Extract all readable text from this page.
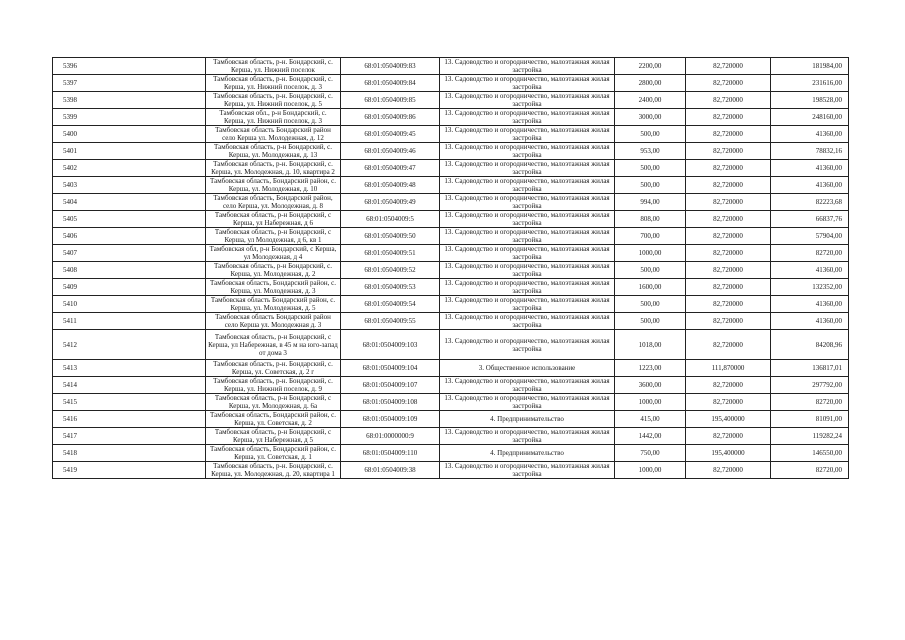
5396	Тамбовская область, р-н. Бондарский, с. Керша, ул. Нижний поселок	68:01:0504009:83	13. Садоводство и огородничество, малоэтажная жилая застройка	2200,00	82,720000	181984,00
5397	Тамбовская область, р-н. Бондарский, с. Керша, ул. Нижний поселок, д. 3	68:01:0504009:84	13. Садоводство и огородничество, малоэтажная жилая застройка	2800,00	82,720000	231616,00
5398	Тамбовская область, р-н. Бондарский, с. Керша, ул. Нижний поселок, д. 5	68:01:0504009:85	13. Садоводство и огородничество, малоэтажная жилая застройка	2400,00	82,720000	198528,00
5399	Тамбовская обл., р-н Бондарский, с. Керша, ул. Нижний поселок, д. 3	68:01:0504009:86	13. Садоводство и огородничество, малоэтажная жилая застройка	3000,00	82,720000	248160,00
5400	Тамбовская область Бондарский район село Керша ул. Молодежная, д. 12	68:01:0504009:45	13. Садоводство и огородничество, малоэтажная жилая застройка	500,00	82,720000	41360,00
5401	Тамбовская область, р-н Бондарский, с. Керша, ул. Молодежная, д. 13	68:01:0504009:46	13. Садоводство и огородничество, малоэтажная жилая застройка	953,00	82,720000	78832,16
5402	Тамбовская область, р-н. Бондарский, с. Керша, ул. Молодежная, д. 10, квартира 2	68:01:0504009:47	13. Садоводство и огородничество, малоэтажная жилая застройка	500,00	82,720000	41360,00
5403	Тамбовская область, Бондарский район, с. Керша, ул. Молодежная, д. 10	68:01:0504009:48	13. Садоводство и огородничество, малоэтажная жилая застройка	500,00	82,720000	41360,00
5404	Тамбовская область, Бондарский район, село Керша, ул. Молодежная, д. 8	68:01:0504009:49	13. Садоводство и огородничество, малоэтажная жилая застройка	994,00	82,720000	82223,68
5405	Тамбовская область, р-н Бондарский, с Керша, ул Набережная, д 6	68:01:0504009:5	13. Садоводство и огородничество, малоэтажная жилая застройка	808,00	82,720000	66837,76
5406	Тамбовская область, р-н Бондарский, с Керша, ул Молодежная, д 6, кв 1	68:01:0504009:50	13. Садоводство и огородничество, малоэтажная жилая застройка	700,00	82,720000	57904,00
5407	Тамбовская обл, р-н Бондарский, с Керша, ул Молодежная, д 4	68:01:0504009:51	13. Садоводство и огородничество, малоэтажная жилая застройка	1000,00	82,720000	82720,00
5408	Тамбовская область, р-н Бондарский, с. Керша, ул. Молодежная, д. 2	68:01:0504009:52	13. Садоводство и огородничество, малоэтажная жилая застройка	500,00	82,720000	41360,00
5409	Тамбовская область, Бондарский район, с. Керша, ул. Молодежная, д. 3	68:01:0504009:53	13. Садоводство и огородничество, малоэтажная жилая застройка	1600,00	82,720000	132352,00
5410	Тамбовская область Бондарский район, с. Керша, ул. Молодежная, д. 5	68:01:0504009:54	13. Садоводство и огородничество, малоэтажная жилая застройка	500,00	82,720000	41360,00
5411	Тамбовская область Бондарский район село Керша ул. Молодежная д. 3	68:01:0504009:55	13. Садоводство и огородничество, малоэтажная жилая застройка	500,00	82,720000	41360,00
5412	Тамбовская область, р-н Бондарский, с Керша, ул Набережная, в 45 м на юго-запад от дома 3	68:01:0504009:103	13. Садоводство и огородничество, малоэтажная жилая застройка	1018,00	82,720000	84208,96
5413	Тамбовская область, р-н. Бондарский, с. Керша, ул. Советская, д. 2 г	68:01:0504009:104	3. Общественное использование	1223,00	111,870000	136817,01
5414	Тамбовская область, р-н. Бондарский, с. Керша, ул. Нижний поселок, д. 9	68:01:0504009:107	13. Садоводство и огородничество, малоэтажная жилая застройка	3600,00	82,720000	297792,00
5415	Тамбовская область, р-н Бондарский, с Керша, ул. Молодежная, д. 6а	68:01:0504009:108	13. Садоводство и огородничество, малоэтажная жилая застройка	1000,00	82,720000	82720,00
5416	Тамбовская область, Бондарский район, с. Керша, ул. Советская, д. 2	68:01:0504009:109	4. Предпринимательство	415,00	195,400000	81091,00
5417	Тамбовская область, р-н Бондарский, с Керша, ул Набережная, д 5	68:01:0000000:9	13. Садоводство и огородничество, малоэтажная жилая застройка	1442,00	82,720000	119282,24
5418	Тамбовская область, Бондарский район, с. Керша, ул. Советская, д. 1	68:01:0504009:110	4. Предпринимательство	750,00	195,400000	146550,00
5419	Тамбовская область, р-н. Бондарский, с. Керша, ул. Молодежная, д. 20, квартира 1	68:01:0504009:38	13. Садоводство и огородничество, малоэтажная жилая застройка	1000,00	82,720000	82720,00
